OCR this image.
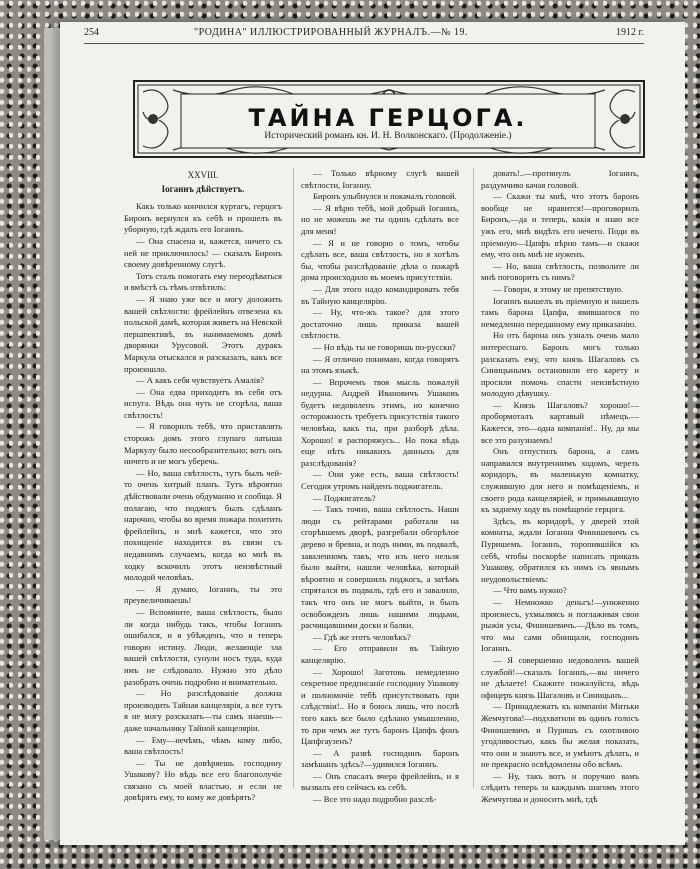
254	"РОДИНА" ИЛЛЮСТРИРОВАННЫЙ ЖУРНАЛЪ.—№ 19.	1912 г.
ТАЙНА ГЕРЦОГА.
Исторический романъ кн. И. Н. Волконскаго. (Продолженіе.)

XXVIII.

Іоганнъ дѣйствуетъ.

Какъ только кончился куртагъ, герцогъ Биронъ вернулся къ себѣ и прошелъ въ уборную, гдѣ ждалъ его Іоганнъ.

— Она спасена и, кажется, ничего съ ней не приключилось! — сказалъ Биронъ своему довѣренному слугѣ.

Тотъ сталъ помогать ему переодѣваться и вмѣстѣ съ тѣмъ отвѣтилъ:

— Я знаю уже все и могу доложить вашей свѣтлости: фрейлейнъ отвезена къ польской дамѣ, которая живетъ на Невской першпективѣ, въ нанимаемомъ домѣ дворянки Урусовой. Этотъ дуракъ Маркула отыскался и разсказалъ, какъ все произошло.

— А какъ себя чувствуетъ Амалія?

— Она едва приходитъ въ себя отъ испуга. Вѣдь она чуть не сгорѣла, ваша свѣтлость!

— Я говорилъ тебѣ, что приставлять сторожъ домъ этого глупаго латыша Маркулу было несообразительно; вотъ онъ ничего и не могъ уберечь.

— Но, ваша свѣтлость, тутъ былъ чей-то очень хитрый планъ. Тутъ вѣроятно дѣйствовали очень обдуманно и сообща. Я полагаю, что поджогъ былъ сдѣланъ нарочно, чтобы во время пожара похитить фрейлейнъ, и мнѣ кажется, что это похищеніе находится въ связи съ недавнимъ случаемъ, когда ко мнѣ въ ходку вскочилъ этотъ неизвѣстный молодой человѣкъ.

— Я думаю, Іоганнъ, ты это преувеличиваешь!

— Вспомните, ваша свѣтлость, было ли когда нибудь такъ, чтобы Іоганнъ ошибался, и я убѣжденъ, что я теперь говорю истину. Люди, желающіе зла вашей свѣтлости, сунули носъ туда, куда имъ не слѣдовало. Нужно это дѣло разобрать очень подробно и внимательно.

— Но разслѣдованіе должна производить Тайная канцелярія, а все тутъ я не могу разсказать—ты самъ знаешь—даже начальнику Тайной канцеляріи.

— Ему—нечѣмъ, чѣмъ кому либо, ваша свѣтлость!

— Ты не довѣряешь господину Ушакову? Но вѣдь все его благополучіе связано съ моей властью, и если не довѣрять ему, то кому же довѣрять?

— Только вѣрному слугѣ вашей свѣтлости, Іоганну.

Биронъ улыбнулся и покачалъ головой.

— Я вѣрю тебѣ, мой добрый Іоганнъ, но не можешь же ты одинъ сдѣлать все для меня!

— Я и не говорю о томъ, чтобы сдѣлать все, ваша свѣтлость, но я хотѣлъ бы, чтобы разслѣдованіе дѣла о пожарѣ дома происходило въ моемъ присутствіи.

— Для этого надо командировать тебя въ Тайную канцелярію.

— Ну, что-жъ такое? для этого достаточно лишь приказа вашей свѣтлости.

— Но вѣдь ты не говоришь по-русски?

— Я отлично понимаю, когда говорятъ на этомъ языкѣ.

— Впрочемъ твоя мысль пожалуй недурна. Андрей Ивановичъ Ушаковъ будетъ недоволенъ этимъ, но конечно осторожность требуетъ присутствія такого человѣка, какъ ты, при разборѣ дѣла. Хорошо! я распоряжусь... Но пока вѣдь еще нѣтъ никакихъ данныхъ для разслѣдованія?

— Они уже есть, ваша свѣтлость! Сегодня утромъ найденъ поджигатель.

— Поджигатель?

— Такъ точно, ваша свѣтлость. Наши люди съ рейтарами работали на сгорѣвшемъ дворѣ, разгребали обгорѣлое дерево и бревна, и подъ ними, въ подвалѣ, заваленномъ такъ, что изъ него нельзя было выйти, нашли человѣка, который вѣроятно и совершилъ поджогъ, а затѣмъ спрятался въ подвалъ, гдѣ его и завалило, такъ что онъ не могъ выйти, и былъ освобожденъ лишь нашими людьми, расчищавшими доски и балки.

— Гдѣ же этотъ человѣкъ?

— Его отправили въ Тайную канцелярію.

— Хорошо! Заготовь немедленно секретное предписаніе господину Ушакову и полномочіе тебѣ присутствовать при слѣдствіи!.. Но я боюсь лишь, что послѣ того какъ все было сдѣлано умышленно, то при чемъ же тутъ баронъ Цапфъ фонъ Цапфгаузенъ?

— А развѣ господинъ баронъ замѣшанъ здѣсь?—удивился Іоганнъ.

— Онъ спасалъ вчера фрейлейнъ, и я вызвалъ его сейчасъ къ себѣ.

— Все это надо подробно разслѣ-

довать!..—протянулъ Іоганнъ, раздумчиво качая головой.

— Скажи ты мнѣ, что этотъ баронъ вообще не нравится!—проговорилъ Биронъ,—да и теперь, какія я знаю все ужъ его, мнѣ видѣть его нечего. Поди въ пріемную—Цапфъ вѣрно тамъ—и скажи ему, что онъ мнѣ не нуженъ.

— Но, ваша свѣтлость, позволите ли мнѣ поговорить съ нимъ?

— Говори, я этому не препятствую.

Іоганнъ вышелъ въ пріемную и нашелъ тамъ барона Цапфа, явившагося по немедленно переданному ему приказанію.

Но отъ барона онъ узналъ очень мало интереснаго. Баронъ могъ только разсказать ему, что князь Шагаловъ съ Синицынымъ остановили его карету и просили помочь спасти неизвѣстную молодую дѣвушку.

— Князь Шагаловъ? хорошо!—пробормоталъ картавый нѣмецъ.—Кажется, это—одна компанія!.. Ну, да мы все это разузнаемъ!

Онъ отпустилъ барона, а самъ направился внутреннимъ ходомъ, черезъ коридоръ, въ маленькую комнатку, служившую для него и помѣщеніемъ, и своего рода канцеляріей, и примыкавшую къ заднему ходу въ помѣщеніе герцога.

Здѣсь, въ коридорѣ, у дверей этой комнаты, ждали Іоганна Финишевичъ съ Пуришемъ. Іоганнъ, торопившійся къ себѣ, чтобы поскорѣе написать приказъ Ушакову, обратился къ нимъ съ явнымъ неудовольствіемъ:

— Что вамъ нужно?

— Немножко деньгъ!—униженно произнесъ, ухмыляясь и поглаживая свои рыжія усы, Финишевичъ.—Дѣло въ томъ, что мы сами обнищали, господинъ Іоганнъ.

— Я совершенно недоволенъ вашей службой!—сказалъ Іоганнъ,—вы ничего не дѣлаете! Скажите пожалуйста, вѣдь офицеръ князь Шагаловъ и Синицынъ...

— Принадлежатъ къ компаніи Митьки Жемчугова!—подхватили въ одинъ голосъ Финишевичъ и Пуришъ съ охотливою угодливостью, какъ бы желая показать, что они и знаютъ все, и умѣютъ дѣлать, и не прекрасно освѣдомлены обо всѣмъ.

— Ну, такъ вотъ и поручаю вамъ слѣдить теперь за каждымъ шагомъ этого Жемчугова и доносить мнѣ, гдѣ
